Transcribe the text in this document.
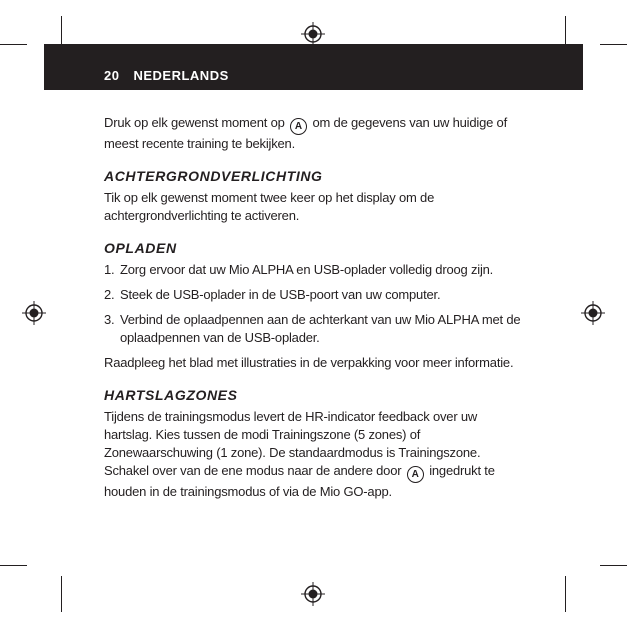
20 NEDERLANDS

Druk op elk gewenst moment op A om de gegevens van uw huidige of meest recente training te bekijken.

ACHTERGRONDVERLICHTING

Tik op elk gewenst moment twee keer op het display om de achtergrondverlichting te activeren.

OPLADEN
1. Zorg ervoor dat uw Mio ALPHA en USB-oplader volledig droog zijn.
2. Steek de USB-oplader in de USB-poort van uw computer.
3. Verbind de oplaadpennen aan de achterkant van uw Mio ALPHA met de oplaadpennen van de USB-oplader.

Raadpleeg het blad met illustraties in de verpakking voor meer informatie.

HARTSLAGZONES

Tijdens de trainingsmodus levert de HR-indicator feedback over uw hartslag. Kies tussen de modi Trainingszone (5 zones) of Zonewaarschuwing (1 zone). De standaardmodus is Trainingszone. Schakel over van de ene modus naar de andere door A ingedrukt te houden in de trainingsmodus of via de Mio GO-app.
